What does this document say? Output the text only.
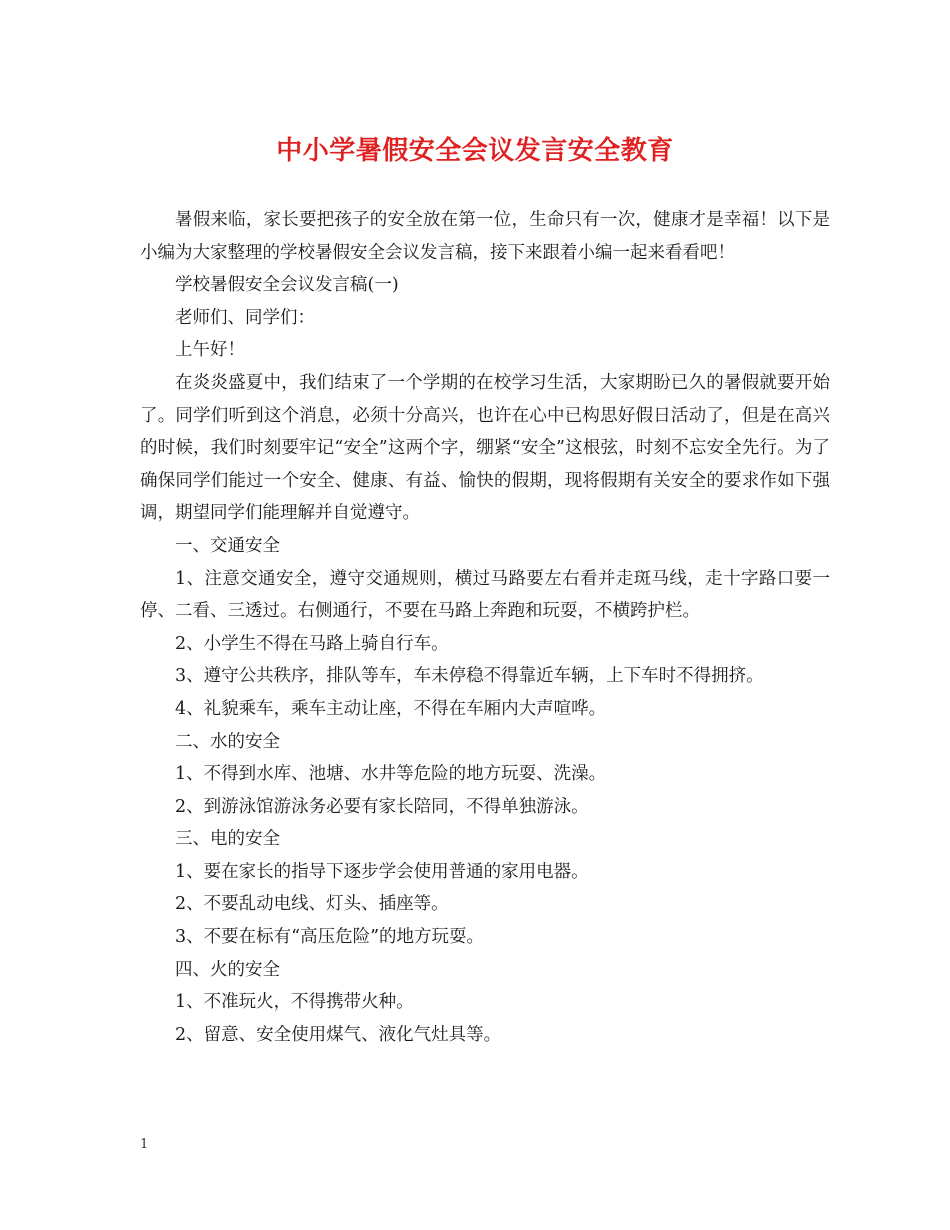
中小学暑假安全会议发言安全教育

暑假来临，家长要把孩子的安全放在第一位，生命只有一次，健康才是幸福！以下是小编为大家整理的学校暑假安全会议发言稿，接下来跟着小编一起来看看吧！

学校暑假安全会议发言稿(一)

老师们、同学们：

上午好！

在炎炎盛夏中，我们结束了一个学期的在校学习生活，大家期盼已久的暑假就要开始了。同学们听到这个消息，必须十分高兴，也许在心中已构思好假日活动了，但是在高兴的时候，我们时刻要牢记“安全”这两个字，绷紧“安全”这根弦，时刻不忘安全先行。为了确保同学们能过一个安全、健康、有益、愉快的假期，现将假期有关安全的要求作如下强调，期望同学们能理解并自觉遵守。

一、交通安全

1、注意交通安全，遵守交通规则，横过马路要左右看并走斑马线，走十字路口要一停、二看、三透过。右侧通行，不要在马路上奔跑和玩耍，不横跨护栏。

2、小学生不得在马路上骑自行车。

3、遵守公共秩序，排队等车，车未停稳不得靠近车辆，上下车时不得拥挤。

4、礼貌乘车，乘车主动让座，不得在车厢内大声喧哗。

二、水的安全

1、不得到水库、池塘、水井等危险的地方玩耍、洗澡。

2、到游泳馆游泳务必要有家长陪同，不得单独游泳。

三、电的安全

1、要在家长的指导下逐步学会使用普通的家用电器。

2、不要乱动电线、灯头、插座等。

3、不要在标有“高压危险”的地方玩耍。

四、火的安全

1、不准玩火，不得携带火种。

2、留意、安全使用煤气、液化气灶具等。

1
